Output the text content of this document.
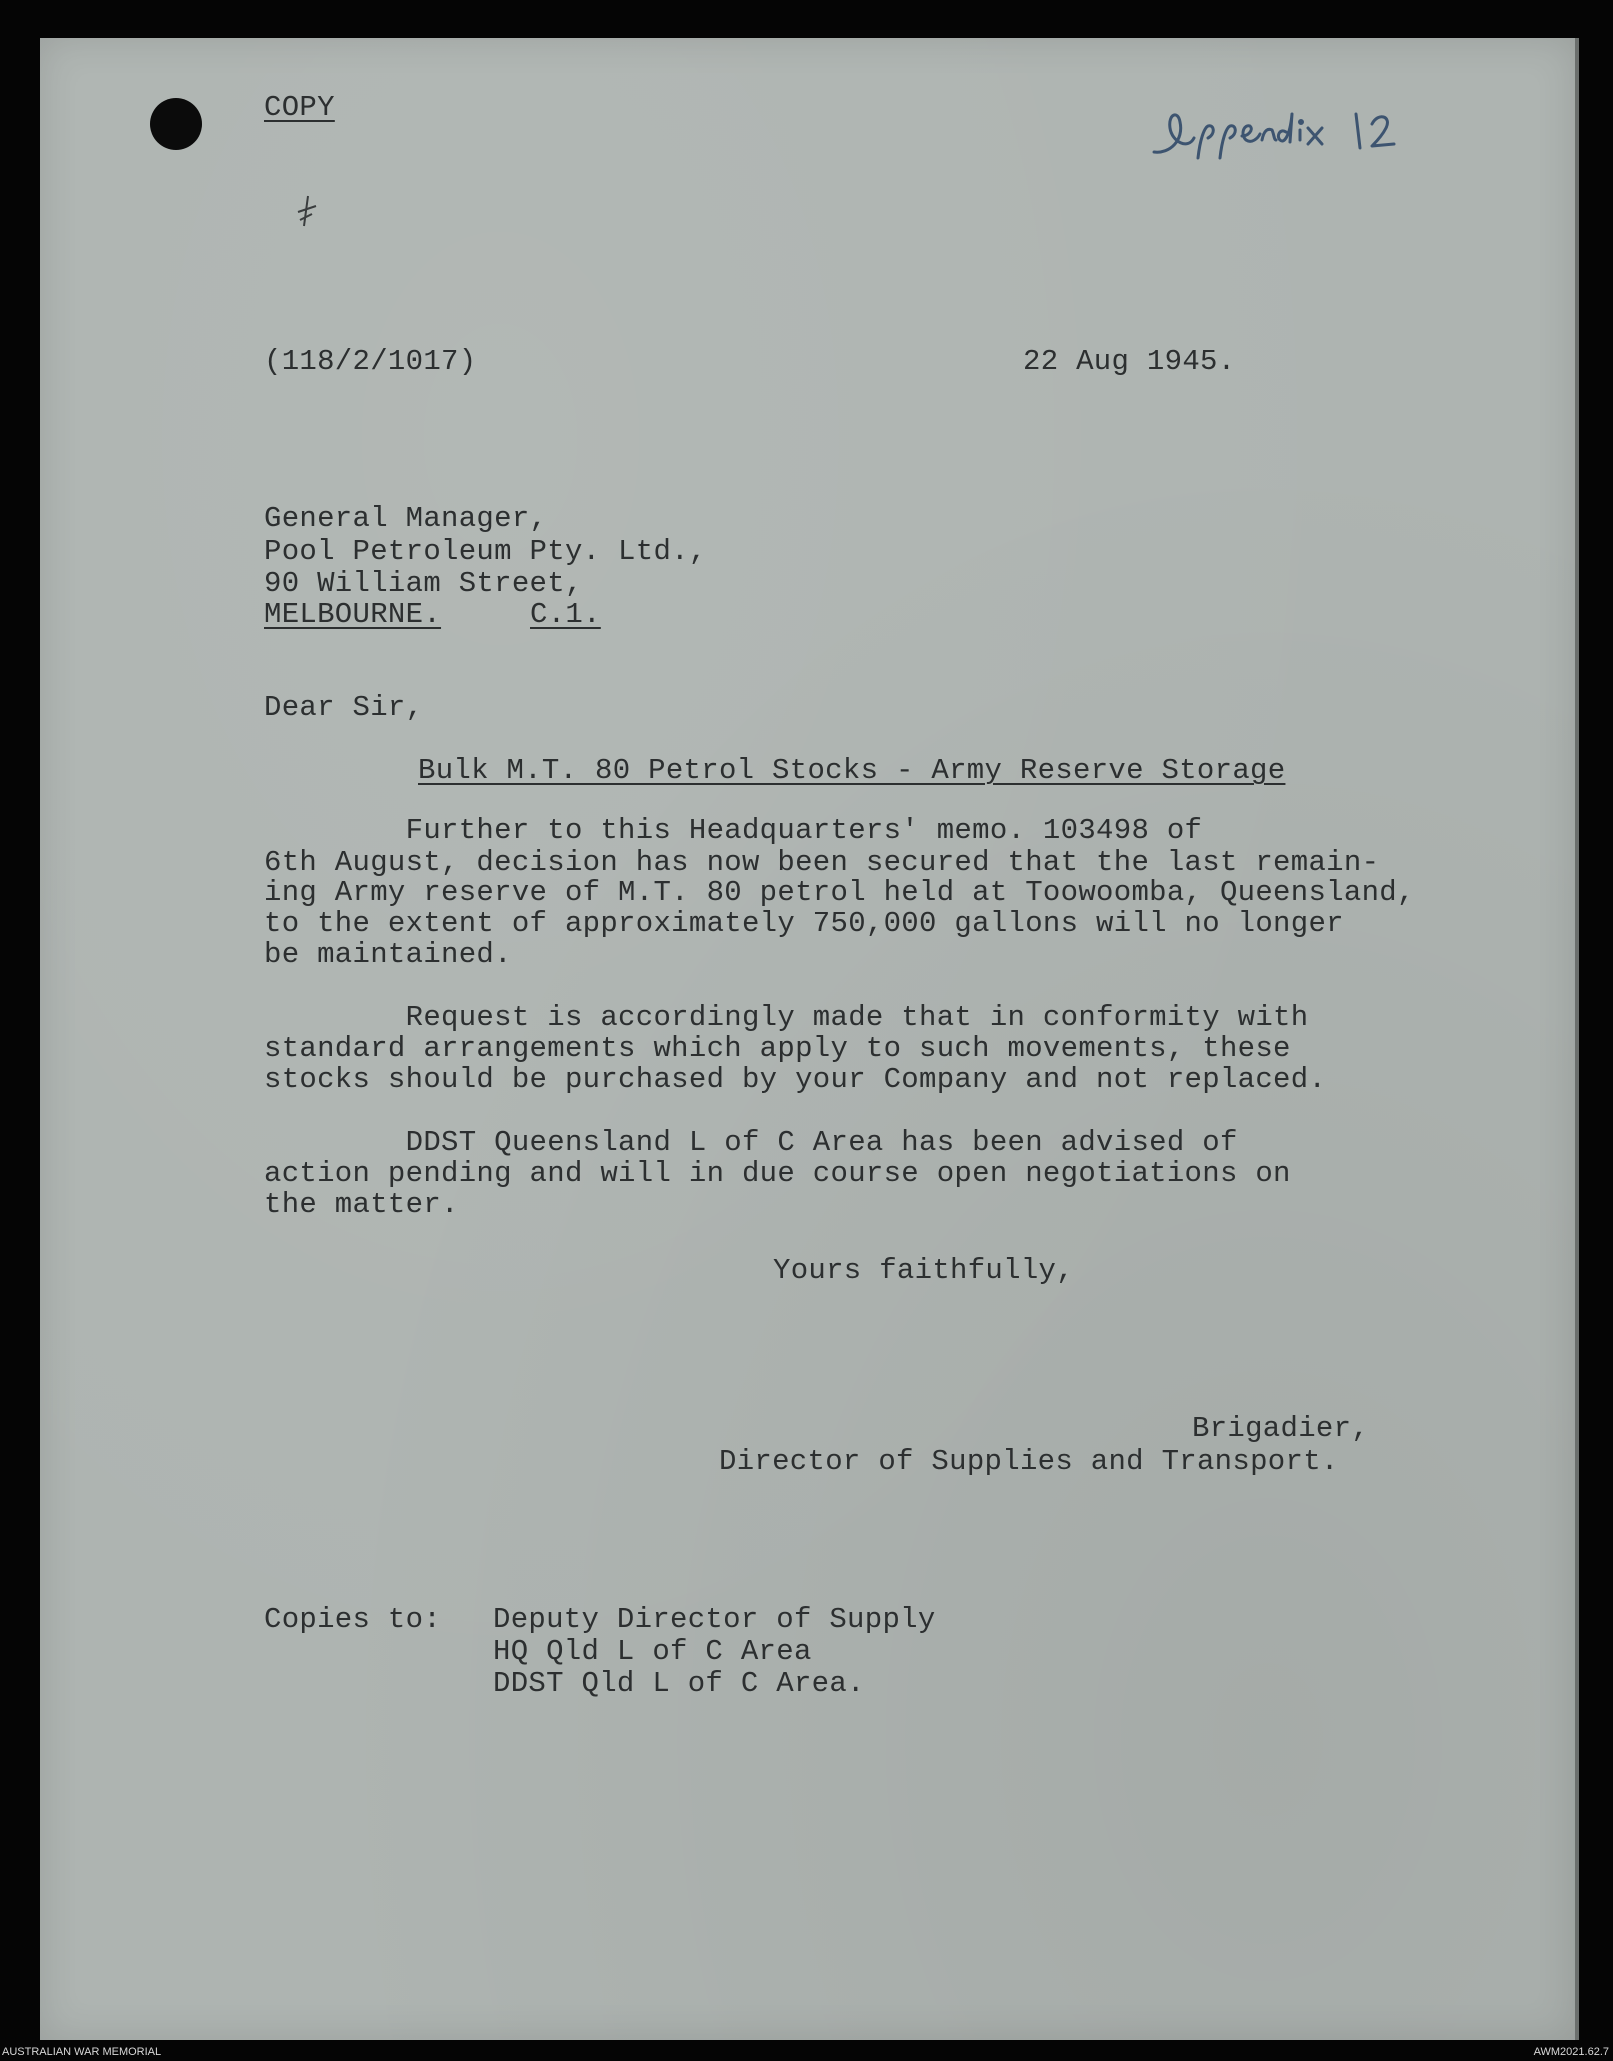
COPY
(118/2/1017)	22 Aug 1945.
General Manager,
Pool Petroleum Pty. Ltd.,
90 William Street,
MELBOURNE.	C.1.
Dear Sir,
Bulk M.T. 80 Petrol Stocks - Army Reserve Storage
Further to this Headquarters' memo. 103498 of
6th August, decision has now been secured that the last remain-
ing Army reserve of M.T. 80 petrol held at Toowoomba, Queensland,
to the extent of approximately 750,000 gallons will no longer
be maintained.
Request is accordingly made that in conformity with
standard arrangements which apply to such movements, these
stocks should be purchased by your Company and not replaced.
DDST Queensland L of C Area has been advised of
action pending and will in due course open negotiations on
the matter.
Yours faithfully,
Brigadier,
Director of Supplies and Transport.
Copies to: Deputy Director of Supply
HQ Qld L of C Area
DDST Qld L of C Area.
AUSTRALIAN WAR MEMORIAL	AWM2021.62.7
